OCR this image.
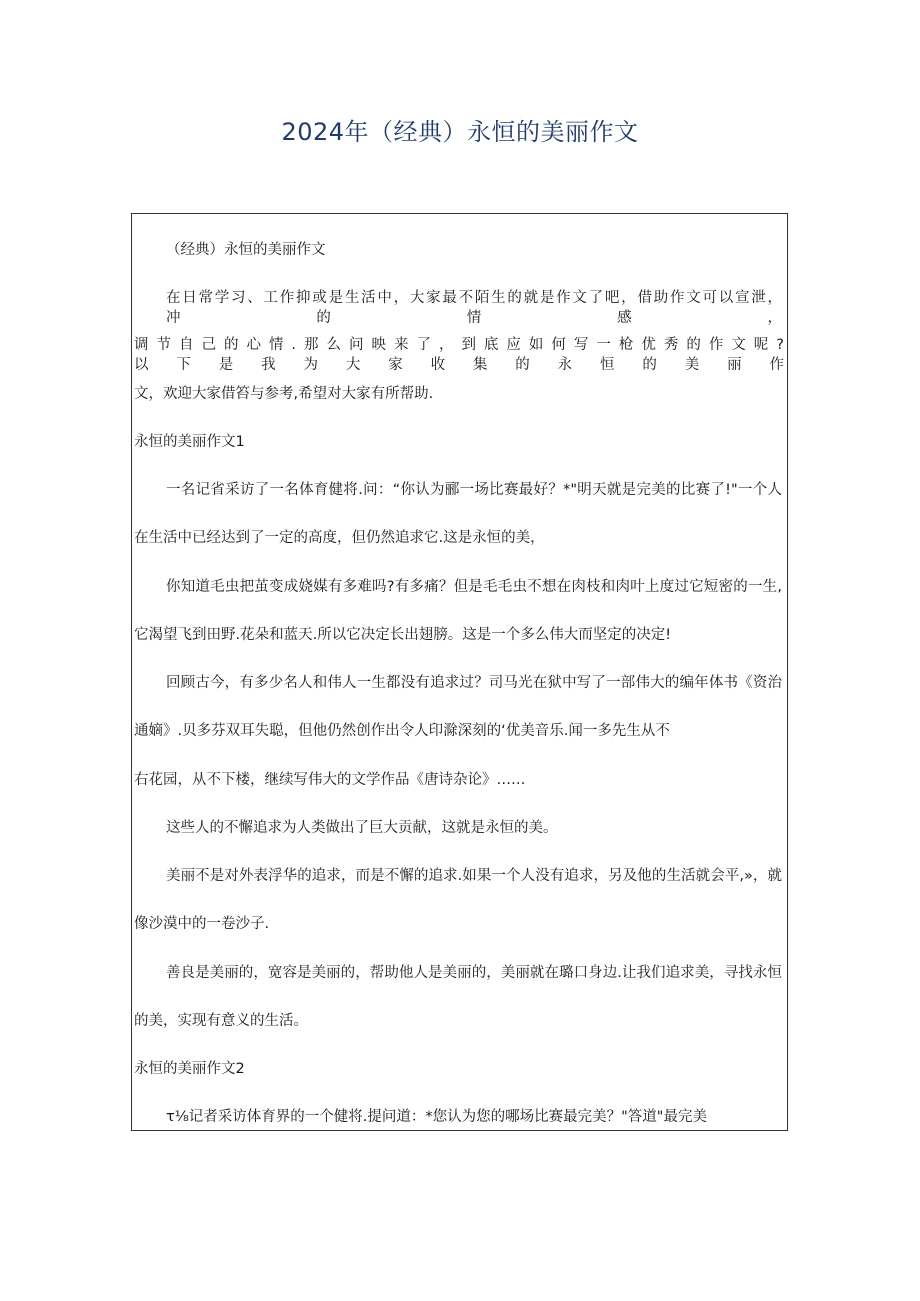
2024年（经典）永恒的美丽作文
（经典）永恒的美丽作文
在日常学习、工作抑或是生活中，大家最不陌生的就是作文了吧，借助作文可以宣泄，冲的情感，
调节自己的心情.那么问映来了，到底应如何写一枪优秀的作文呢?以下是我为大家收集的永恒的美丽作
文，欢迎大家借笞与参考,希望对大家有所帮助.
永恒的美丽作文1
一名记省采访了一名体育健将.问：“你认为郦一场比赛最好？*"明天就是完美的比赛了!"一个人
在生活中已经达到了一定的高度，但仍然追求它.这是永恒的美，
你知道毛虫把茧变成娆媒有多难吗?有多痛？但是毛毛虫不想在肉枝和肉叶上度过它短密的一生,
它渴望飞到田野.花朵和蓝天.所以它决定长出翅膀。这是一个多么伟大而坚定的决定!
回顾古今，有多少名人和伟人一生都没有追求过？司马光在狱中写了一部伟大的编年体书《资治
通嫡》.贝多芬双耳失聪，但他仍然创作出令人印滁深刻的‘优美音乐.闻一多先生从不
右花园，从不下楼，继续写伟大的文学作品《唐诗杂论》……
这些人的不懈追求为人类做出了巨大贡献，这就是永恒的美。
美丽不是对外表浮华的追求，而是不懈的追求.如果一个人没有追求，另及他的生活就会平,»，就
像沙漠中的一卷沙子.
善良是美丽的，宽容是美丽的，帮助他人是美丽的，美丽就在璐口身边.让我们追求美，寻找永恒
的美，实现有意义的生活。
永恒的美丽作文2
τ⅛记者采访体育界的一个健将.提问道：*您认为您的哪场比赛最完美？"答道"最完美
